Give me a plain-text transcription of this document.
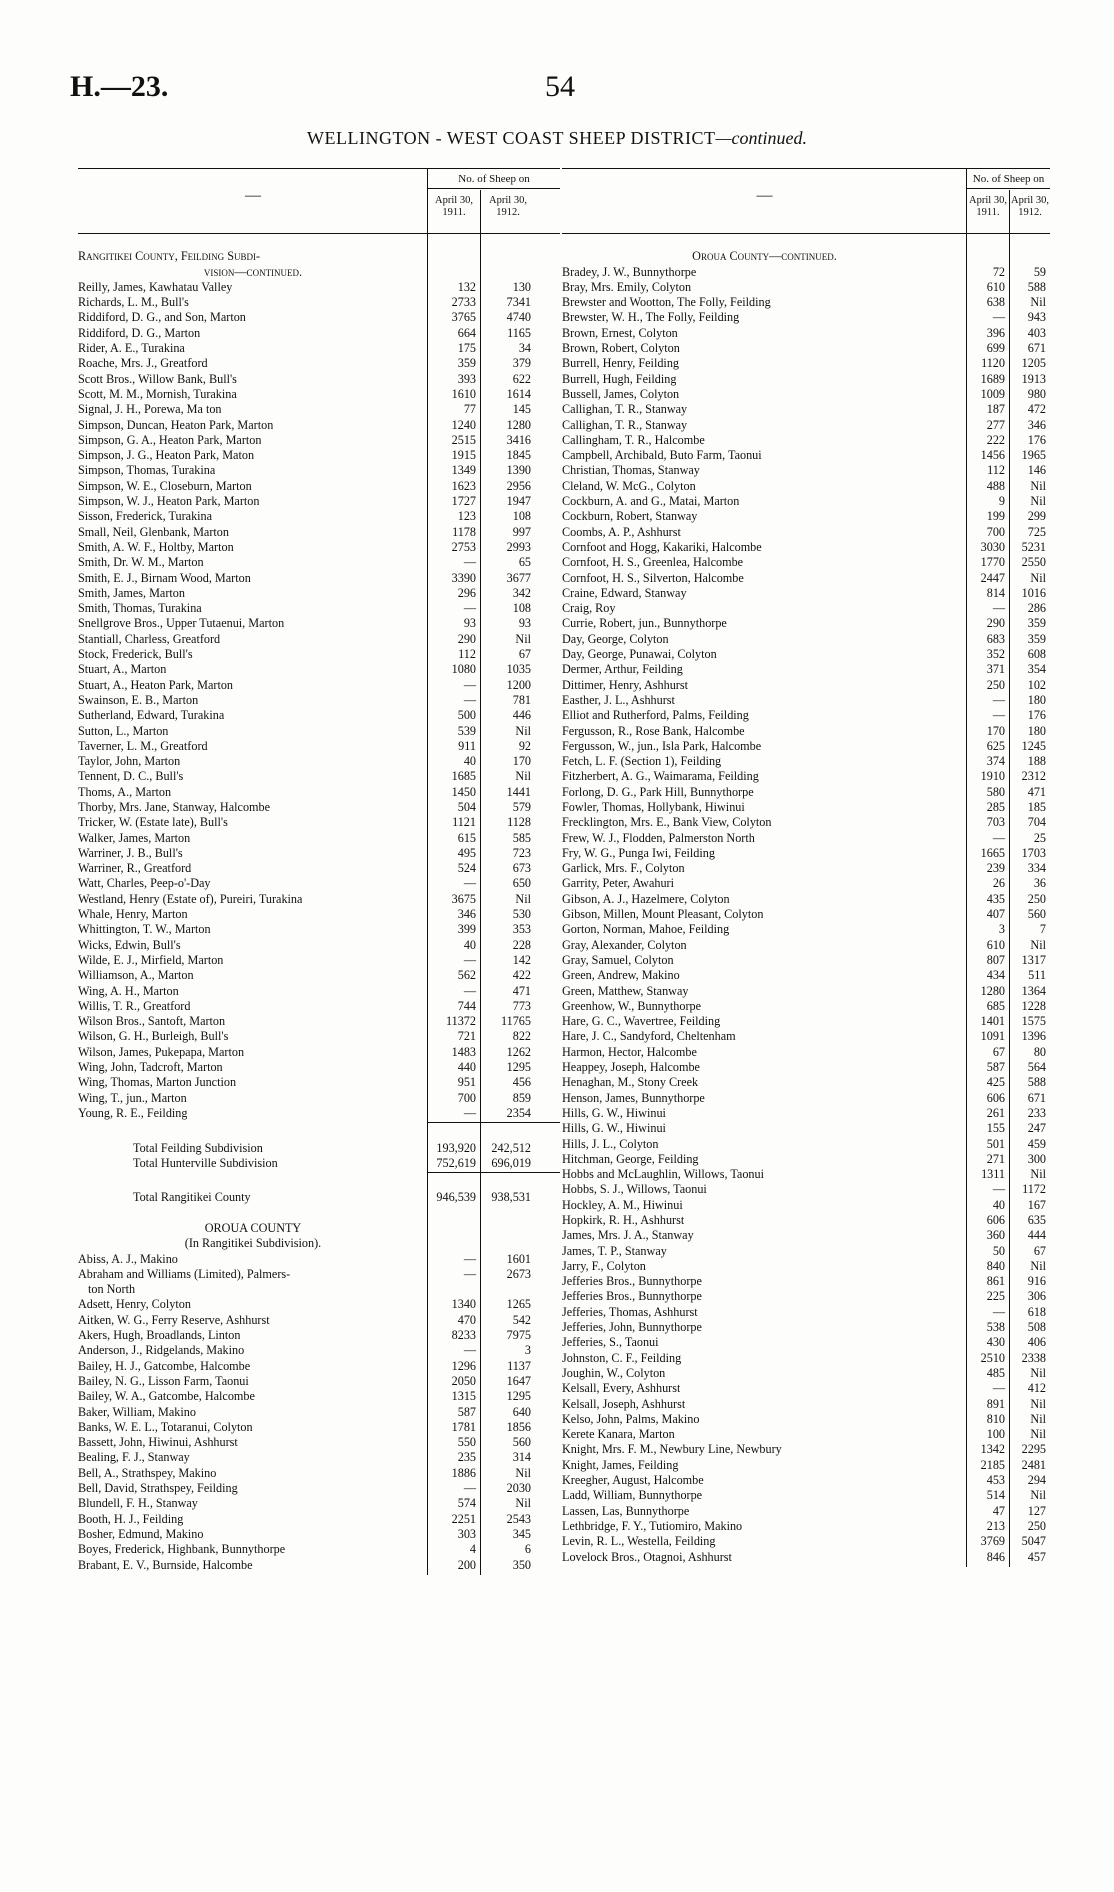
H.—23.	54
WELLINGTON - WEST COAST SHEEP DISTRICT—continued.
—
No. of Sheep on
April 30, 1911.
April 30, 1912.
Rangitikei County, Feilding Subdi-
vision—continued.
Reilly, James, Kawhatau Valley	132	130
Richards, L. M., Bull's	2733	7341
Riddiford, D. G., and Son, Marton	3765	4740
Riddiford, D. G., Marton	664	1165
Rider, A. E., Turakina	175	34
Roache, Mrs. J., Greatford	359	379
Scott Bros., Willow Bank, Bull's	393	622
Scott, M. M., Mornish, Turakina	1610	1614
Signal, J. H., Porewa, Ma ton	77	145
Simpson, Duncan, Heaton Park, Marton	1240	1280
Simpson, G. A., Heaton Park, Marton	2515	3416
Simpson, J. G., Heaton Park, Maton	1915	1845
Simpson, Thomas, Turakina	1349	1390
Simpson, W. E., Closeburn, Marton	1623	2956
Simpson, W. J., Heaton Park, Marton	1727	1947
Sisson, Frederick, Turakina	123	108
Small, Neil, Glenbank, Marton	1178	997
Smith, A. W. F., Holtby, Marton	2753	2993
Smith, Dr. W. M., Marton	—	65
Smith, E. J., Birnam Wood, Marton	3390	3677
Smith, James, Marton	296	342
Smith, Thomas, Turakina	—	108
Snellgrove Bros., Upper Tutaenui, Marton	93	93
Stantiall, Charless, Greatford	290	Nil
Stock, Frederick, Bull's	112	67
Stuart, A., Marton	1080	1035
Stuart, A., Heaton Park, Marton	—	1200
Swainson, E. B., Marton	—	781
Sutherland, Edward, Turakina	500	446
Sutton, L., Marton	539	Nil
Taverner, L. M., Greatford	911	92
Taylor, John, Marton	40	170
Tennent, D. C., Bull's	1685	Nil
Thoms, A., Marton	1450	1441
Thorby, Mrs. Jane, Stanway, Halcombe	504	579
Tricker, W. (Estate late), Bull's	1121	1128
Walker, James, Marton	615	585
Warriner, J. B., Bull's	495	723
Warriner, R., Greatford	524	673
Watt, Charles, Peep-o'-Day	—	650
Westland, Henry (Estate of), Pureiri, Turakina	3675	Nil
Whale, Henry, Marton	346	530
Whittington, T. W., Marton	399	353
Wicks, Edwin, Bull's	40	228
Wilde, E. J., Mirfield, Marton	—	142
Williamson, A., Marton	562	422
Wing, A. H., Marton	—	471
Willis, T. R., Greatford	744	773
Wilson Bros., Santoft, Marton	11372	11765
Wilson, G. H., Burleigh, Bull's	721	822
Wilson, James, Pukepapa, Marton	1483	1262
Wing, John, Tadcroft, Marton	440	1295
Wing, Thomas, Marton Junction	951	456
Wing, T., jun., Marton	700	859
Young, R. E., Feilding	—	2354
Total Feilding Subdivision	193,920	242,512
Total Hunterville Subdivision	752,619	696,019
Total Rangitikei County	946,539	938,531
OROUA COUNTY
(In Rangitikei Subdivision).
Abiss, A. J., Makino	—	1601
Abraham and Williams (Limited), Palmers-	—	2673
ton North
Adsett, Henry, Colyton	1340	1265
Aitken, W. G., Ferry Reserve, Ashhurst	470	542
Akers, Hugh, Broadlands, Linton	8233	7975
Anderson, J., Ridgelands, Makino	—	3
Bailey, H. J., Gatcombe, Halcombe	1296	1137
Bailey, N. G., Lisson Farm, Taonui	2050	1647
Bailey, W. A., Gatcombe, Halcombe	1315	1295
Baker, William, Makino	587	640
Banks, W. E. L., Totaranui, Colyton	1781	1856
Bassett, John, Hiwinui, Ashhurst	550	560
Bealing, F. J., Stanway	235	314
Bell, A., Strathspey, Makino	1886	Nil
Bell, David, Strathspey, Feilding	—	2030
Blundell, F. H., Stanway	574	Nil
Booth, H. J., Feilding	2251	2543
Bosher, Edmund, Makino	303	345
Boyes, Frederick, Highbank, Bunnythorpe	4	6
Brabant, E. V., Burnside, Halcombe	200	350
—
No. of Sheep on
April 30, 1911.
April 30, 1912.
Oroua County—continued.
Bradey, J. W., Bunnythorpe	72	59
Bray, Mrs. Emily, Colyton	610	588
Brewster and Wootton, The Folly, Feilding	638	Nil
Brewster, W. H., The Folly, Feilding	—	943
Brown, Ernest, Colyton	396	403
Brown, Robert, Colyton	699	671
Burrell, Henry, Feilding	1120	1205
Burrell, Hugh, Feilding	1689	1913
Bussell, James, Colyton	1009	980
Callighan, T. R., Stanway	187	472
Callighan, T. R., Stanway	277	346
Callingham, T. R., Halcombe	222	176
Campbell, Archibald, Buto Farm, Taonui	1456	1965
Christian, Thomas, Stanway	112	146
Cleland, W. McG., Colyton	488	Nil
Cockburn, A. and G., Matai, Marton	9	Nil
Cockburn, Robert, Stanway	199	299
Coombs, A. P., Ashhurst	700	725
Cornfoot and Hogg, Kakariki, Halcombe	3030	5231
Cornfoot, H. S., Greenlea, Halcombe	1770	2550
Cornfoot, H. S., Silverton, Halcombe	2447	Nil
Craine, Edward, Stanway	814	1016
Craig, Roy	—	286
Currie, Robert, jun., Bunnythorpe	290	359
Day, George, Colyton	683	359
Day, George, Punawai, Colyton	352	608
Dermer, Arthur, Feilding	371	354
Dittimer, Henry, Ashhurst	250	102
Easther, J. L., Ashhurst	—	180
Elliot and Rutherford, Palms, Feilding	—	176
Fergusson, R., Rose Bank, Halcombe	170	180
Fergusson, W., jun., Isla Park, Halcombe	625	1245
Fetch, L. F. (Section 1), Feilding	374	188
Fitzherbert, A. G., Waimarama, Feilding	1910	2312
Forlong, D. G., Park Hill, Bunnythorpe	580	471
Fowler, Thomas, Hollybank, Hiwinui	285	185
Frecklington, Mrs. E., Bank View, Colyton	703	704
Frew, W. J., Flodden, Palmerston North	—	25
Fry, W. G., Punga Iwi, Feilding	1665	1703
Garlick, Mrs. F., Colyton	239	334
Garrity, Peter, Awahuri	26	36
Gibson, A. J., Hazelmere, Colyton	435	250
Gibson, Millen, Mount Pleasant, Colyton	407	560
Gorton, Norman, Mahoe, Feilding	3	7
Gray, Alexander, Colyton	610	Nil
Gray, Samuel, Colyton	807	1317
Green, Andrew, Makino	434	511
Green, Matthew, Stanway	1280	1364
Greenhow, W., Bunnythorpe	685	1228
Hare, G. C., Wavertree, Feilding	1401	1575
Hare, J. C., Sandyford, Cheltenham	1091	1396
Harmon, Hector, Halcombe	67	80
Heappey, Joseph, Halcombe	587	564
Henaghan, M., Stony Creek	425	588
Henson, James, Bunnythorpe	606	671
Hills, G. W., Hiwinui	261	233
Hills, G. W., Hiwinui	155	247
Hills, J. L., Colyton	501	459
Hitchman, George, Feilding	271	300
Hobbs and McLaughlin, Willows, Taonui	1311	Nil
Hobbs, S. J., Willows, Taonui	—	1172
Hockley, A. M., Hiwinui	40	167
Hopkirk, R. H., Ashhurst	606	635
James, Mrs. J. A., Stanway	360	444
James, T. P., Stanway	50	67
Jarry, F., Colyton	840	Nil
Jefferies Bros., Bunnythorpe	861	916
Jefferies Bros., Bunnythorpe	225	306
Jefferies, Thomas, Ashhurst	—	618
Jefferies, John, Bunnythorpe	538	508
Jefferies, S., Taonui	430	406
Johnston, C. F., Feilding	2510	2338
Joughin, W., Colyton	485	Nil
Kelsall, Every, Ashhurst	—	412
Kelsall, Joseph, Ashhurst	891	Nil
Kelso, John, Palms, Makino	810	Nil
Kerete Kanara, Marton	100	Nil
Knight, Mrs. F. M., Newbury Line, Newbury	1342	2295
Knight, James, Feilding	2185	2481
Kreegher, August, Halcombe	453	294
Ladd, William, Bunnythorpe	514	Nil
Lassen, Las, Bunnythorpe	47	127
Lethbridge, F. Y., Tutiomiro, Makino	213	250
Levin, R. L., Westella, Feilding	3769	5047
Lovelock Bros., Otagnoi, Ashhurst	846	457
